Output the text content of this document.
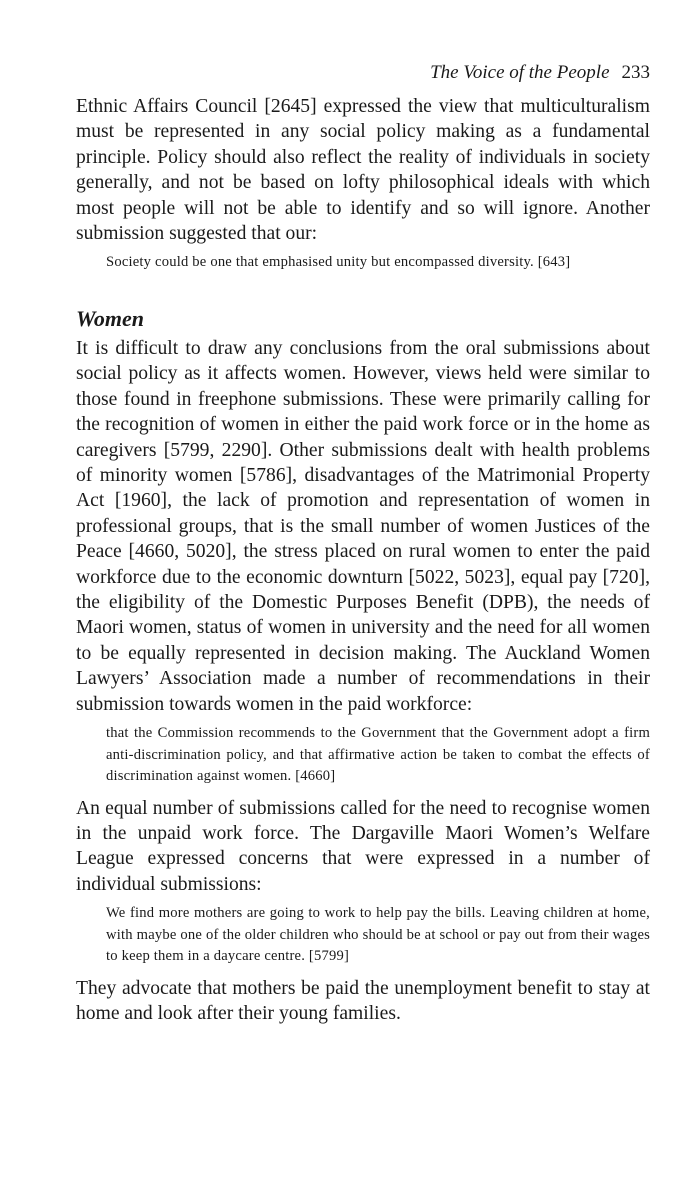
The Voice of the People 233

Ethnic Affairs Council [2645] expressed the view that multiculturalism must be represented in any social policy making as a fundamental principle. Policy should also reflect the reality of individuals in society generally, and not be based on lofty philosophical ideals with which most people will not be able to identify and so will ignore. Another submission suggested that our:

Society could be one that emphasised unity but encompassed diversity. [643]

Women

It is difficult to draw any conclusions from the oral submissions about social policy as it affects women. However, views held were similar to those found in freephone submissions. These were primarily calling for the recognition of women in either the paid work force or in the home as caregivers [5799, 2290]. Other submissions dealt with health problems of minority women [5786], disadvantages of the Matrimonial Property Act [1960], the lack of promotion and representation of women in professional groups, that is the small number of women Justices of the Peace [4660, 5020], the stress placed on rural women to enter the paid workforce due to the economic downturn [5022, 5023], equal pay [720], the eligibility of the Domestic Purposes Benefit (DPB), the needs of Maori women, status of women in university and the need for all women to be equally represented in decision making. The Auckland Women Lawyers’ Association made a number of recommendations in their submission towards women in the paid workforce:

that the Commission recommends to the Government that the Government adopt a firm anti-discrimination policy, and that affirmative action be taken to combat the effects of discrimination against women. [4660]

An equal number of submissions called for the need to recognise women in the unpaid work force. The Dargaville Maori Women’s Welfare League expressed concerns that were expressed in a number of individual submissions:

We find more mothers are going to work to help pay the bills. Leaving children at home, with maybe one of the older children who should be at school or pay out from their wages to keep them in a daycare centre. [5799]

They advocate that mothers be paid the unemployment benefit to stay at home and look after their young families.
